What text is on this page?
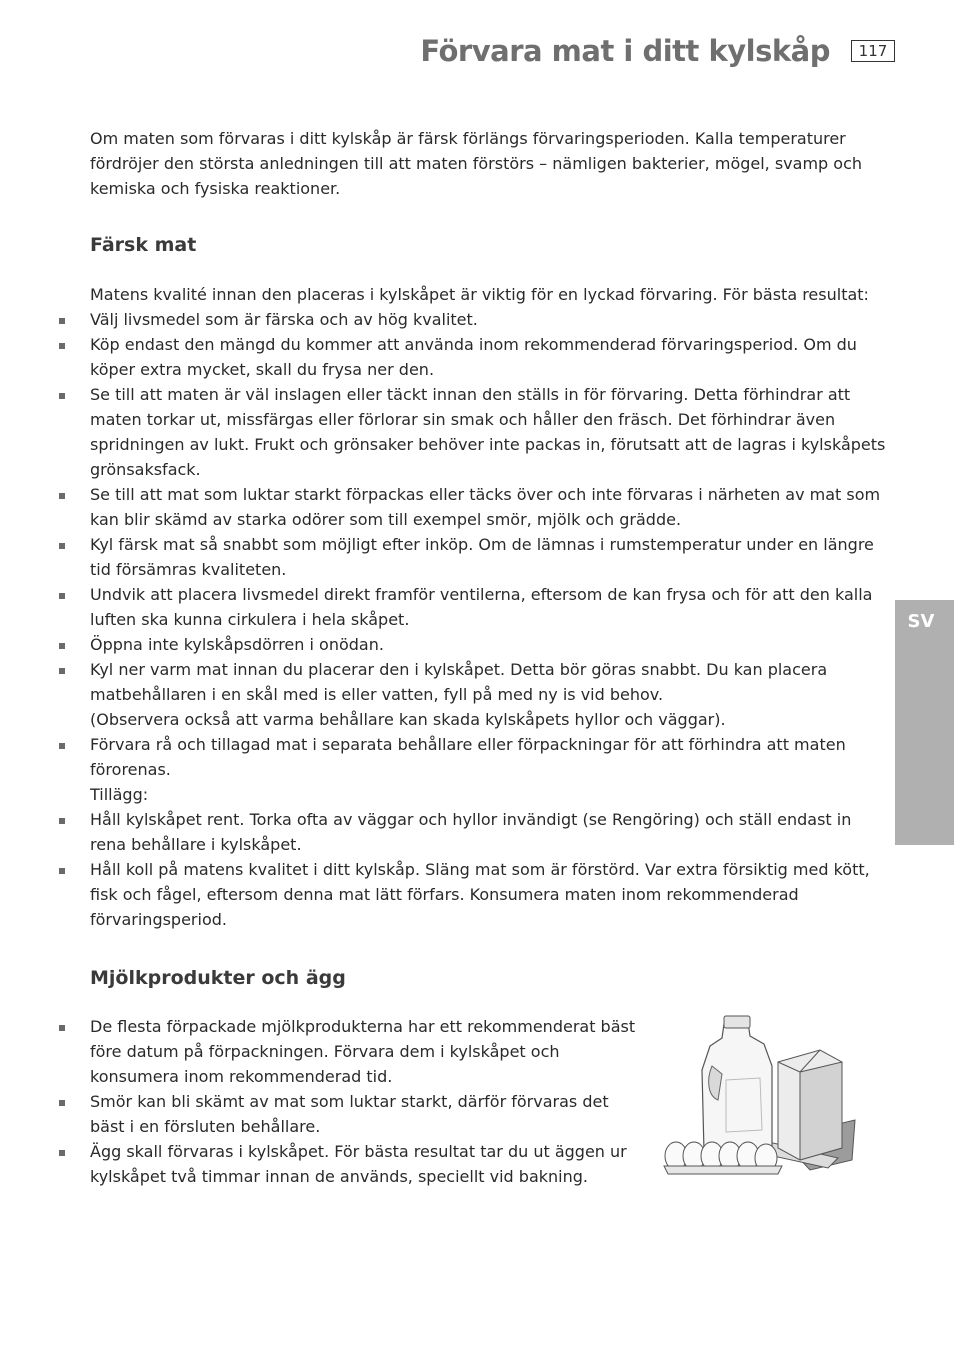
Förvara mat i ditt kylskåp	117
SV

Om maten som förvaras i ditt kylskåp är färsk förlängs förvaringsperioden. Kalla temperaturer fördröjer den största anledningen till att maten förstörs – nämligen bakterier, mögel, svamp och kemiska och fysiska reaktioner.

Färsk mat

Matens kvalité innan den placeras i kylskåpet är viktig för en lyckad förvaring. För bästa resultat:

Välj livsmedel som är färska och av hög kvalitet.
Köp endast den mängd du kommer att använda inom rekommenderad förvaringsperiod. Om du köper extra mycket, skall du frysa ner den.
Se till att maten är väl inslagen eller täckt innan den ställs in för förvaring. Detta förhindrar att maten torkar ut, missfärgas eller förlorar sin smak och håller den fräsch. Det förhindrar även spridningen av lukt. Frukt och grönsaker behöver inte packas in, förutsatt att de lagras i kylskåpets grönsaksfack.
Se till att mat som luktar starkt förpackas eller täcks över och inte förvaras i närheten av mat som kan blir skämd av starka odörer som till exempel smör, mjölk och grädde.
Kyl färsk mat så snabbt som möjligt efter inköp. Om de lämnas i rumstemperatur under en längre tid försämras kvaliteten.
Undvik att placera livsmedel direkt framför ventilerna, eftersom de kan frysa och för att den kalla luften ska kunna cirkulera i hela skåpet.
Öppna inte kylskåpsdörren i onödan.
Kyl ner varm mat innan du placerar den i kylskåpet. Detta bör göras snabbt. Du kan placera matbehållaren i en skål med is eller vatten, fyll på med ny is vid behov.
(Observera också att varma behållare kan skada kylskåpets hyllor och väggar).
Förvara rå och tillagad mat i separata behållare eller förpackningar för att förhindra att maten förorenas.
Tillägg:
Håll kylskåpet rent. Torka ofta av väggar och hyllor invändigt (se Rengöring) och ställ endast in rena behållare i kylskåpet.
Håll koll på matens kvalitet i ditt kylskåp. Släng mat som är förstörd. Var extra försiktig med kött, fisk och fågel, eftersom denna mat lätt förfars. Konsumera maten inom rekommenderad förvaringsperiod.
Mjölkprodukter och ägg
De flesta förpackade mjölkprodukterna har ett rekommenderat bäst före datum på förpackningen. Förvara dem i kylskåpet och konsumera inom rekommenderad tid.
Smör kan bli skämt av mat som luktar starkt, därför förvaras det bäst i en försluten behållare.
Ägg skall förvaras i kylskåpet. För bästa resultat tar du ut äggen ur kylskåpet två timmar innan de används, speciellt vid bakning.
